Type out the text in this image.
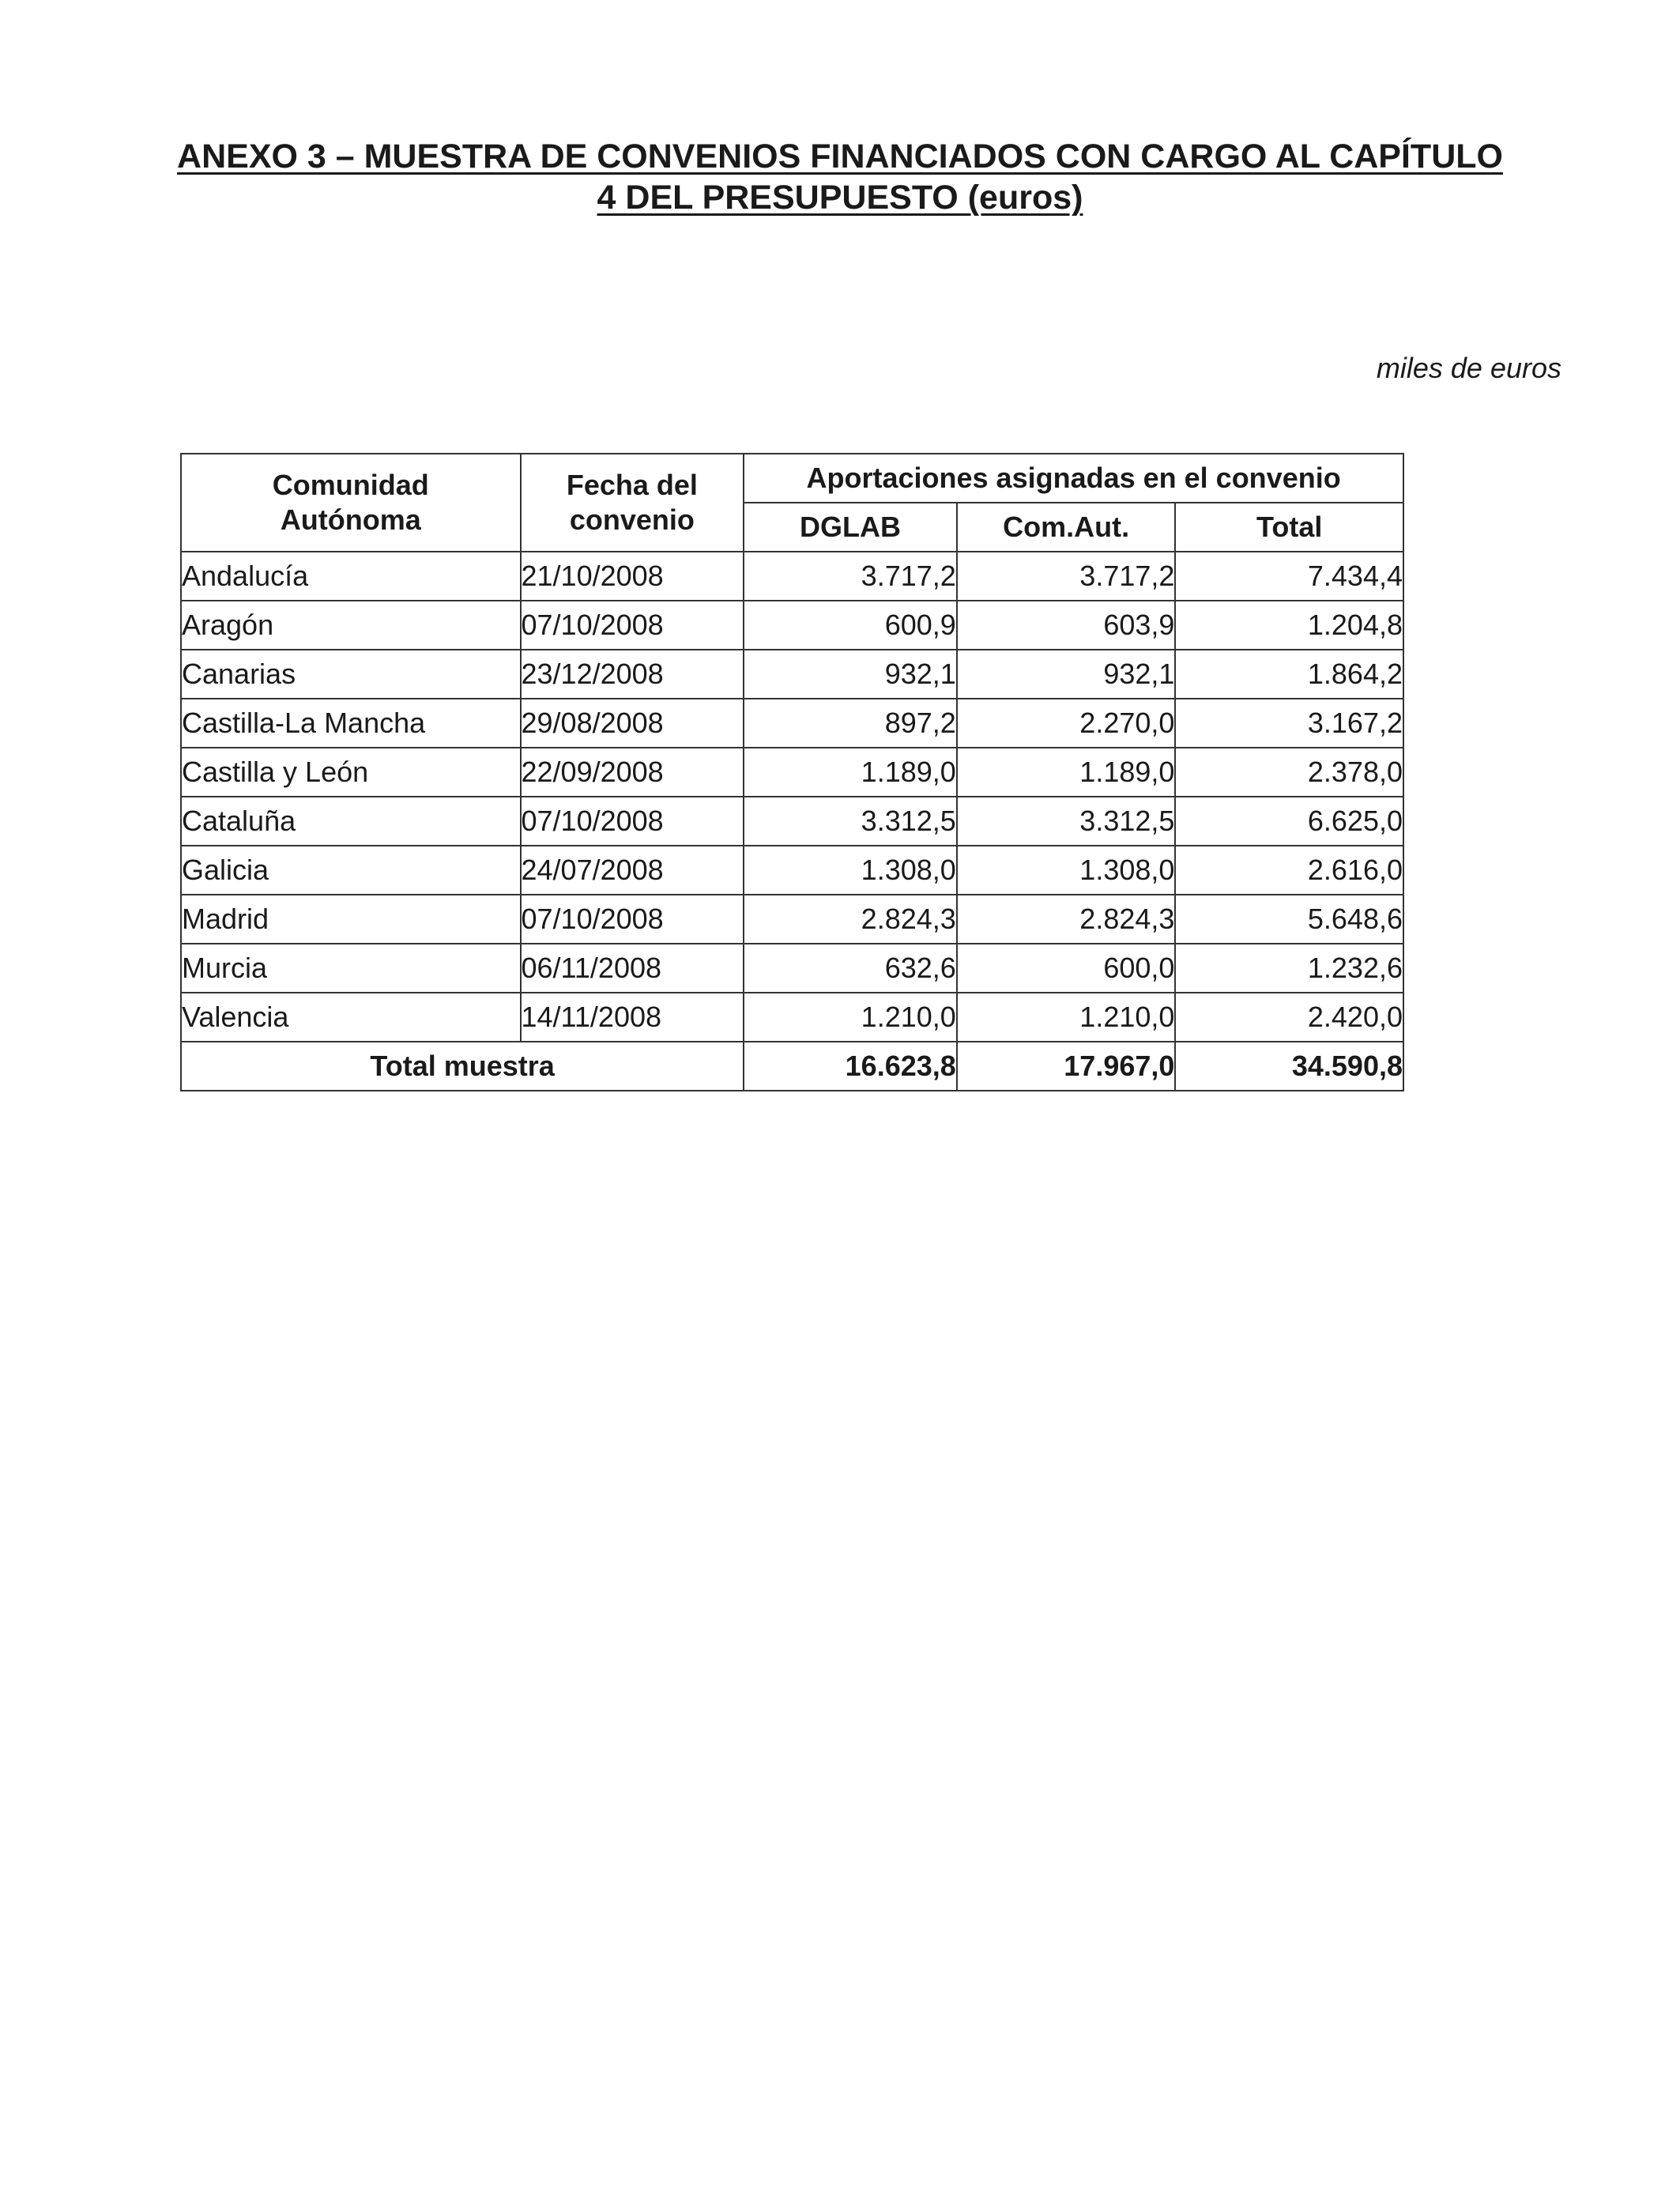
ANEXO 3 – MUESTRA DE CONVENIOS FINANCIADOS CON CARGO AL CAPÍTULO
4 DEL PRESUPUESTO (euros)
miles de euros
Comunidad Autónoma	Fecha del convenio	Aportaciones asignadas en el convenio		
		DGLAB	Com.Aut.	Total
Andalucía	21/10/2008	3.717,2	3.717,2	7.434,4
Aragón	07/10/2008	600,9	603,9	1.204,8
Canarias	23/12/2008	932,1	932,1	1.864,2
Castilla-La Mancha	29/08/2008	897,2	2.270,0	3.167,2
Castilla y León	22/09/2008	1.189,0	1.189,0	2.378,0
Cataluña	07/10/2008	3.312,5	3.312,5	6.625,0
Galicia	24/07/2008	1.308,0	1.308,0	2.616,0
Madrid	07/10/2008	2.824,3	2.824,3	5.648,6
Murcia	06/11/2008	632,6	600,0	1.232,6
Valencia	14/11/2008	1.210,0	1.210,0	2.420,0
Total muestra		16.623,8	17.967,0	34.590,8
